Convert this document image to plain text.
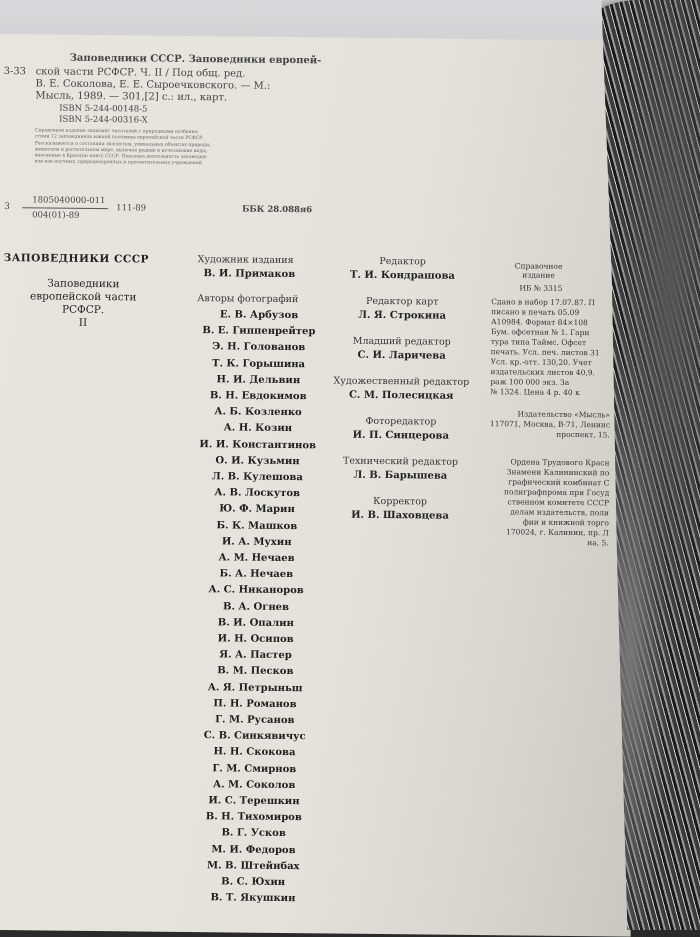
Заповедники СССР. Заповедники европей-
3-33 ской части РСФСР. Ч. II / Под общ. ред.
В. Е. Соколова, Е. Е. Сыроечковского. — М.:
Мысль, 1989. — 301,[2] с.: ил., карт.
ISBN 5-244-00148-5
ISBN 5-244-00316-X
Справочное издание знакомит читателей с природными особенно-
стями 12 заповедников южной половины европейской части РСФСР.
Рассказывается о состоянии экосистем, уникальных объектах природы,
животном и растительном мире, включая редкие и исчезающие виды,
внесенные в Красную книгу СССР. Показана деятельность заповедни-
ков как научных, природоохранных и просветительных учреждений.
3
1805040000-011
004(01)-89
111-89	ББК 28.088я6
ЗАПОВЕДНИКИ СССР
Заповедники
европейской части
РСФСР.
II
Художник издания
В. И. Примаков
Авторы фотографий
Е. В. Арбузов
В. Е. Гиппенрейтер
Э. Н. Голованов
Т. К. Горышина
Н. И. Дельвин
В. Н. Евдокимов
А. Б. Козленко
А. Н. Козин
И. И. Константинов
О. И. Кузьмин
Л. В. Кулешова
А. В. Лоскутов
Ю. Ф. Марин
Б. К. Машков
И. А. Мухин
А. М. Нечаев
Б. А. Нечаев
А. С. Никаноров
В. А. Огнев
В. И. Опалин
И. Н. Осипов
Я. А. Пастер
В. М. Песков
А. Я. Петрыньш
П. Н. Романов
Г. М. Русанов
С. В. Синкявичус
Н. Н. Скокова
Г. М. Смирнов
А. М. Соколов
И. С. Терешкин
В. Н. Тихомиров
В. Г. Усков
М. И. Федоров
М. В. Штейнбах
В. С. Юхин
В. Т. Якушкин
Редактор
Т. И. Кондрашова
Редактор карт
Л. Я. Строкина
Младший редактор
С. И. Ларичева
Художественный редактор
С. М. Полесицкая
Фоторедактор
И. П. Синцерова
Технический редактор
Л. В. Барышева
Корректор
И. В. Шаховцева
Справочное
издание
ИБ № 3315
Сдано в набор 17.07.87. П
писано в печать 05.09
А10984. Формат 84×108
Бум. офсетная № 1. Гарн
тура типа Таймс. Офсет
печать. Усл. печ. листов 31
Усл. кр.-отт. 130,20. Учет
издательских листов 40,9.
раж 100 000 экз. За
№ 1324. Цена 4 р. 40 к
Издательство «Мысль»
117071, Москва, В-71, Ленинс
проспект, 15.
Ордена Трудового Красн
Знамени Калининский по
графический комбинат С
полиграфпрома при Госуд
ственном комитете СССР
делам издательств, поли
фии и книжной торго
170024, г. Калинин, пр. Л
на, 5.
